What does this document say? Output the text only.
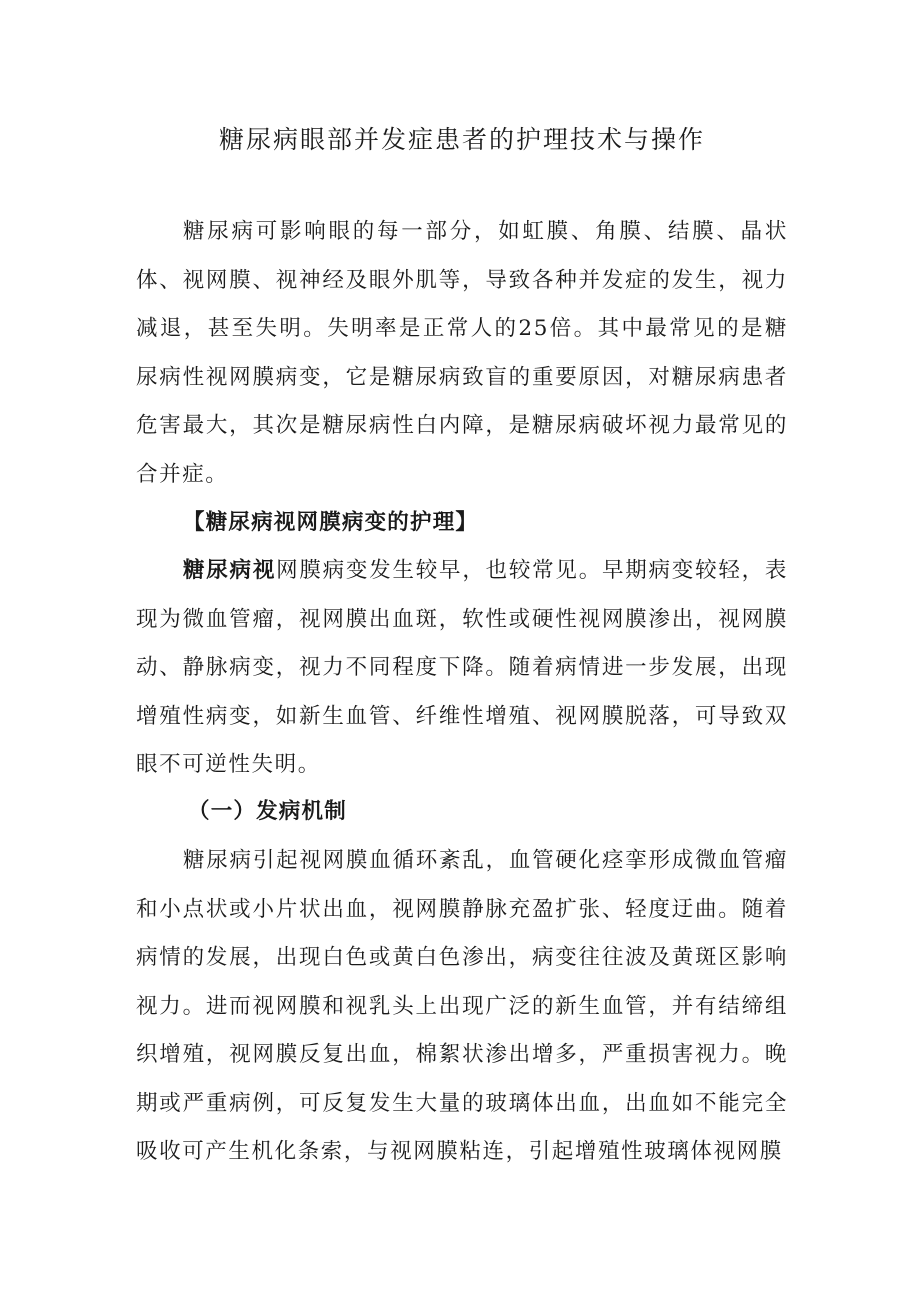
糖尿病眼部并发症患者的护理技术与操作

糖尿病可影响眼的每一部分，如虹膜、角膜、结膜、晶状体、视网膜、视神经及眼外肌等，导致各种并发症的发生，视力减退，甚至失明。失明率是正常人的25倍。其中最常见的是糖尿病性视网膜病变，它是糖尿病致盲的重要原因，对糖尿病患者危害最大，其次是糖尿病性白内障，是糖尿病破坏视力最常见的合并症。

【糖尿病视网膜病变的护理】

糖尿病视网膜病变发生较早，也较常见。早期病变较轻，表现为微血管瘤，视网膜出血斑，软性或硬性视网膜渗出，视网膜动、静脉病变，视力不同程度下降。随着病情进一步发展，出现增殖性病变，如新生血管、纤维性增殖、视网膜脱落，可导致双眼不可逆性失明。

（一）发病机制

糖尿病引起视网膜血循环紊乱，血管硬化痉挛形成微血管瘤和小点状或小片状出血，视网膜静脉充盈扩张、轻度迂曲。随着病情的发展，出现白色或黄白色渗出，病变往往波及黄斑区影响视力。进而视网膜和视乳头上出现广泛的新生血管，并有结缔组织增殖，视网膜反复出血，棉絮状渗出增多，严重损害视力。晚期或严重病例，可反复发生大量的玻璃体出血，出血如不能完全吸收可产生机化条索，与视网膜粘连，引起增殖性玻璃体视网膜
